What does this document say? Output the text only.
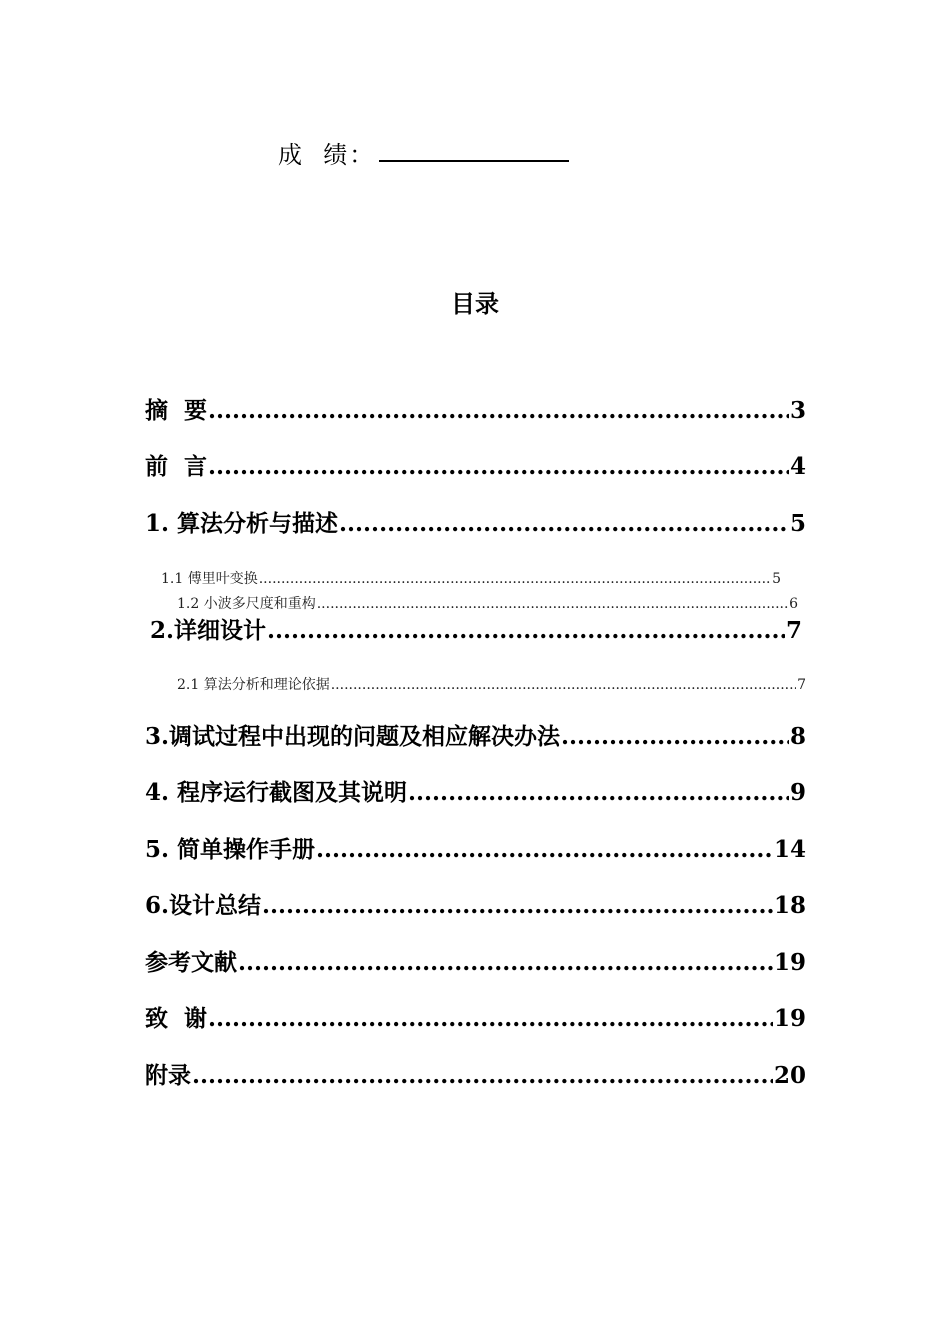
成  绩：
目录
摘  要 .....	3
前  言 .....	4
1. 算法分析与描述 .....	5
1.1 傅里叶变换 .....	5
1.2 小波多尺度和重构 .....	6
2.详细设计 .....	7
2.1 算法分析和理论依据 .....	7
3.调试过程中出现的问题及相应解决办法 .....	8
4. 程序运行截图及其说明 .....	9
5. 简单操作手册 .....	14
6.设计总结 .....	18
参考文献 .....	19
致  谢 .....	19
附录 .....	20
